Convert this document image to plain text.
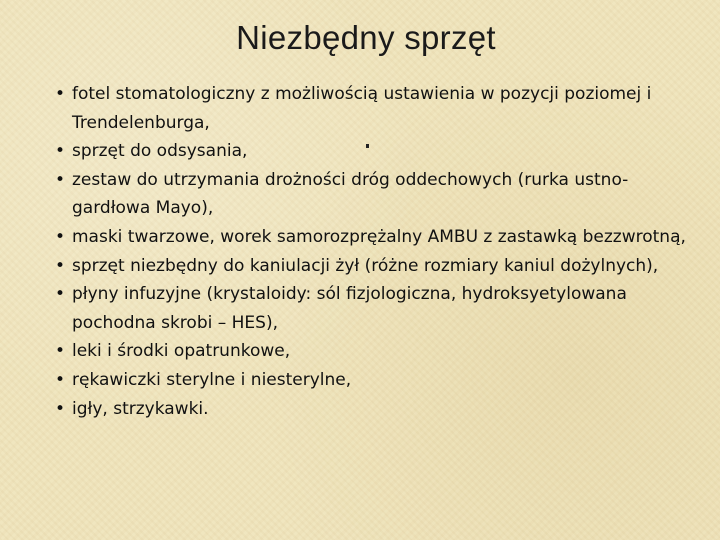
Niezbędny sprzęt
• fotel stomatologiczny z możliwością ustawienia w pozycji poziomej i Trendelenburga,
• sprzęt do odsysania,
• zestaw do utrzymania drożności dróg oddechowych (rurka ustno-gardłowa Mayo),
• maski twarzowe, worek samorozprężalny AMBU z zastawką bezzwrotną,
• sprzęt niezbędny do kaniulacji żył (różne rozmiary kaniul dożylnych),
• płyny infuzyjne (krystaloidy: sól fizjologiczna, hydroksyetylowana pochodna skrobi – HES),
• leki i środki opatrunkowe,
• rękawiczki sterylne i niesterylne,
• igły, strzykawki.
